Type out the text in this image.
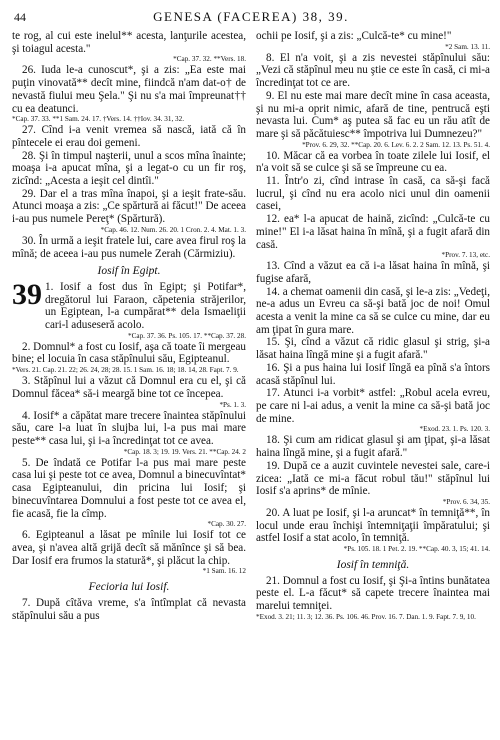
44	GENESA (FACEREA) 38, 39.

te rog, al cui este inelul** acesta, lanţurile acestea, şi toiagul acesta."

*Cap. 37. 32. **Vers. 18.

26. Iuda le-a cunoscut*, şi a zis: „Ea este mai puţin vinovată** decît mine, fiindcă n'am dat-o† de nevastă fiului meu Şela." Şi nu s'a mai împreunat†† cu ea deatunci.

*Cap. 37. 33. **1 Sam. 24. 17. †Vers. 14. ††Iov. 34. 31, 32.

27. Cînd i-a venit vremea să nască, iată că în pîntecele ei erau doi gemeni.

28. Şi în timpul naşterii, unul a scos mîna înainte; moaşa i-a apucat mîna, şi a legat-o cu un fir roş, zicînd: „Acesta a ieşit cel dintîi."

29. Dar el a tras mîna înapoi, şi a ieşit frate-său. Atunci moaşa a zis: „Ce spărtură ai făcut!" De aceea i-au pus numele Pereţ* (Spărtură).

*Cap. 46. 12. Num. 26. 20. 1 Cron. 2. 4. Mat. 1. 3.

30. În urmă a ieşit fratele lui, care avea firul roş la mînă; de aceea i-au pus numele Zerah (Cărmiziu).

Iosif în Egipt.

39 1. Iosif a fost dus în Egipt; şi Potifar*, dregătorul lui Faraon, căpetenia străjerilor, un Egiptean, l-a cumpărat** dela Ismaeliţii cari-l aduseseră acolo.

*Cap. 37. 36. Ps. 105. 17. **Cap. 37. 28.

2. Domnul* a fost cu Iosif, aşa că toate îi mergeau bine; el locuia în casa stăpînului său, Egipteanul.

*Vers. 21. Cap. 21. 22; 26. 24, 28; 28. 15. 1 Sam. 16. 18; 18. 14, 28. Fapt. 7. 9.

3. Stăpînul lui a văzut că Domnul era cu el, şi că Domnul făcea* să-i meargă bine tot ce începea.

*Ps. 1. 3.

4. Iosif* a căpătat mare trecere înaintea stăpînului său, care l-a luat în slujba lui, l-a pus mai mare peste** casa lui, şi i-a încredinţat tot ce avea.

*Cap. 18. 3; 19. 19. Vers. 21. **Cap. 24. 2

5. De îndată ce Potifar l-a pus mai mare peste casa lui şi peste tot ce avea, Domnul a binecuvîntat* casa Egipteanului, din pricina lui Iosif; şi binecuvîntarea Domnului a fost peste tot ce avea el, fie acasă, fie la cîmp.

*Cap. 30. 27.

6. Egipteanul a lăsat pe mînile lui Iosif tot ce avea, şi n'avea altă grijă decît să mănînce şi să bea. Dar Iosif era frumos la statură*, şi plăcut la chip.

*1 Sam. 16. 12

Fecioria lui Iosif.

7. După cîtăva vreme, s'a întîmplat că nevasta stăpînului său a pus

ochii pe Iosif, şi a zis: „Culcă-te* cu mine!"

*2 Sam. 13. 11.

8. El n'a voit, şi a zis nevestei stăpînului său: „Vezi că stăpînul meu nu ştie ce este în casă, ci mi-a încredinţat tot ce are.

9. El nu este mai mare decît mine în casa aceasta, şi nu mi-a oprit nimic, afară de tine, pentrucă eşti nevasta lui. Cum* aş putea să fac eu un rău atît de mare şi să păcătuiesc** împotriva lui Dumnezeu?"

*Prov. 6. 29, 32. **Cap. 20. 6. Lev. 6. 2. 2 Sam. 12. 13. Ps. 51. 4.

10. Măcar că ea vorbea în toate zilele lui Iosif, el n'a voit să se culce şi să se împreune cu ea.

11. Într'o zi, cînd intrase în casă, ca să-şi facă lucrul, şi cînd nu era acolo nici unul din oamenii casei,

12. ea* l-a apucat de haină, zicînd: „Culcă-te cu mine!" El i-a lăsat haina în mînă, şi a fugit afară din casă.

*Prov. 7. 13, etc.

13. Cînd a văzut ea că i-a lăsat haina în mînă, şi fugise afară,

14. a chemat oamenii din casă, şi le-a zis: „Vedeţi, ne-a adus un Evreu ca să-şi bată joc de noi! Omul acesta a venit la mine ca să se culce cu mine, dar eu am ţipat în gura mare.

15. Şi, cînd a văzut că ridic glasul şi strig, şi-a lăsat haina lîngă mine şi a fugit afară."

16. Şi a pus haina lui Iosif lîngă ea pînă s'a întors acasă stăpînul lui.

17. Atunci i-a vorbit* astfel: „Robul acela evreu, pe care ni l-ai adus, a venit la mine ca să-şi bată joc de mine.

*Exod. 23. 1. Ps. 120. 3.

18. Şi cum am ridicat glasul şi am ţipat, şi-a lăsat haina lîngă mine, şi a fugit afară."

19. După ce a auzit cuvintele nevestei sale, care-i zicea: „Iată ce mi-a făcut robul tău!" stăpînul lui Iosif s'a aprins* de mînie.

*Prov. 6. 34, 35.

20. A luat pe Iosif, şi l-a aruncat* în temniţă**, în locul unde erau închişi întemniţaţii împăratului; şi astfel Iosif a stat acolo, în temniţă.

*Ps. 105. 18. 1 Pet. 2. 19. **Cap. 40. 3, 15; 41. 14.

Iosif în temniţă.

21. Domnul a fost cu Iosif, şi Şi-a întins bunătatea peste el. L-a făcut* să capete trecere înaintea mai marelui temniţei.

*Exod. 3. 21; 11. 3; 12. 36. Ps. 106. 46. Prov. 16. 7. Dan. 1. 9. Fapt. 7. 9, 10.
